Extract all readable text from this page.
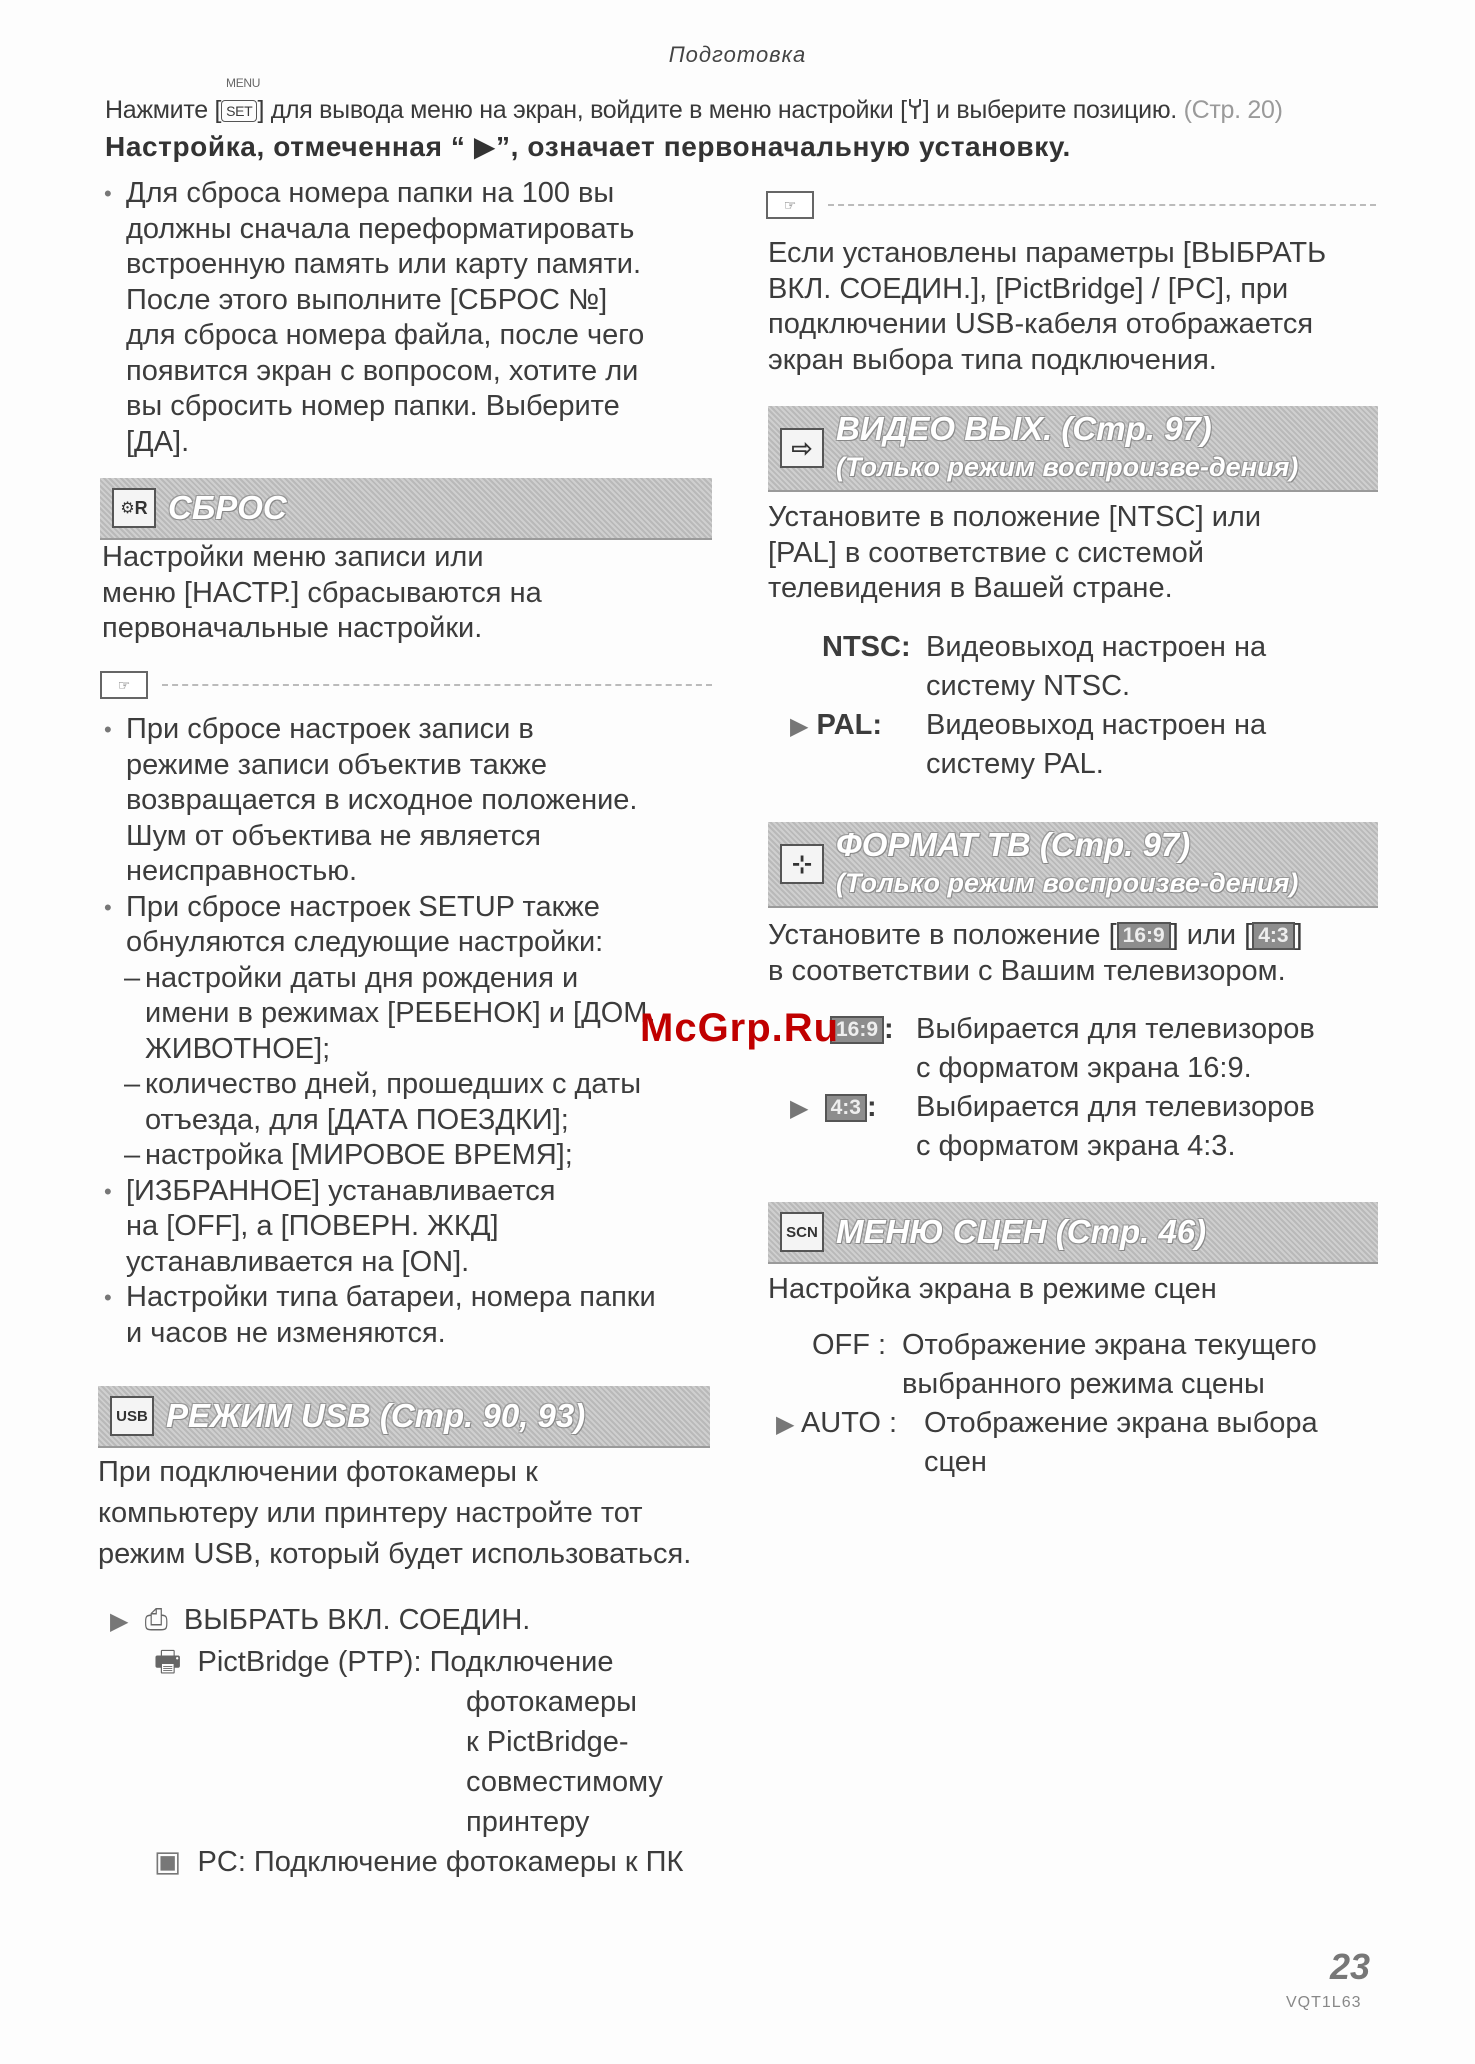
Подготовка
MENU
Нажмите [ SET ] для вывода меню на экран, войдите в меню настройки [ ] и выберите позицию. (Стр. 20)
Настройка, отмеченная “ ▶”, означает первоначальную установку.
• Для сброса номера папки на 100 вы
должны сначала переформатировать
встроенную память или карту памяти.
После этого выполните [СБРОС №]
для сброса номера файла, после чего
появится экран с вопросом, хотите ли
вы сбросить номер папки. Выберите
[ДА].
⚙ R СБРОС
Настройки меню записи или
меню [НАСТР.] сбрасываются на
первоначальные настройки.
☞
• При сбросе настроек записи в
режиме записи объектив также
возвращается в исходное положение.
Шум от объектива не является
неисправностью.
• При сбросе настроек SETUP также
обнуляются следующие настройки:
– настройки даты дня рождения и
имени в режимах [РЕБЕНОК] и [ДОМ.
ЖИВОТНОЕ];
– количество дней, прошедших с даты
отъезда, для [ДАТА ПОЕЗДКИ];
– настройка [МИРОВОЕ ВРЕМЯ];
• [ИЗБРАННОЕ] устанавливается
на [OFF], а [ПОВЕРН. ЖКД]
устанавливается на [ON].
• Настройки типа батареи, номера папки
и часов не изменяются.
USB РЕЖИМ USB (Стр. 90, 93)
При подключении фотокамеры к
компьютеру или принтеру настройте тот
режим USB, который будет использоваться.
▶ ⎙ ВЫБРАТЬ ВКЛ. СОЕДИН.
🖶 PictBridge (PTP): Подключение
фотокамеры
к PictBridge-
совместимому
принтеру
▣ PC: Подключение фотокамеры к ПК
☞
Если установлены параметры [ВЫБРАТЬ
ВКЛ. СОЕДИН.], [PictBridge] / [PC], при
подключении USB-кабеля отображается
экран выбора типа подключения.
⇨
ВИДЕО ВЫХ. (Стр. 97)
(Только режим воспроизве-дения)
Установите в положение [NTSC] или
[PAL] в соответствие с системой
телевидения в Вашей стране.
NTSC: Видеовыход настроен на
систему NTSC.
▶ PAL: Видеовыход настроен на
систему PAL.
⊹
ФОРМАТ ТВ (Стр. 97)
(Только режим воспроизве-дения)
Установите в положение [ 16:9 ] или [ 4:3 ]
в соответствии с Вашим телевизором.
16:9 : Выбирается для телевизоров
с форматом экрана 16:9.
▶ 4:3 : Выбирается для телевизоров
с форматом экрана 4:3.
SCN МЕНЮ СЦЕН (Стр. 46)
Настройка экрана в режиме сцен
OFF : Отображение экрана текущего
выбранного режима сцены
▶ AUTO : Отображение экрана выбора
сцен
McGrp.Ru
23
VQT1L63
